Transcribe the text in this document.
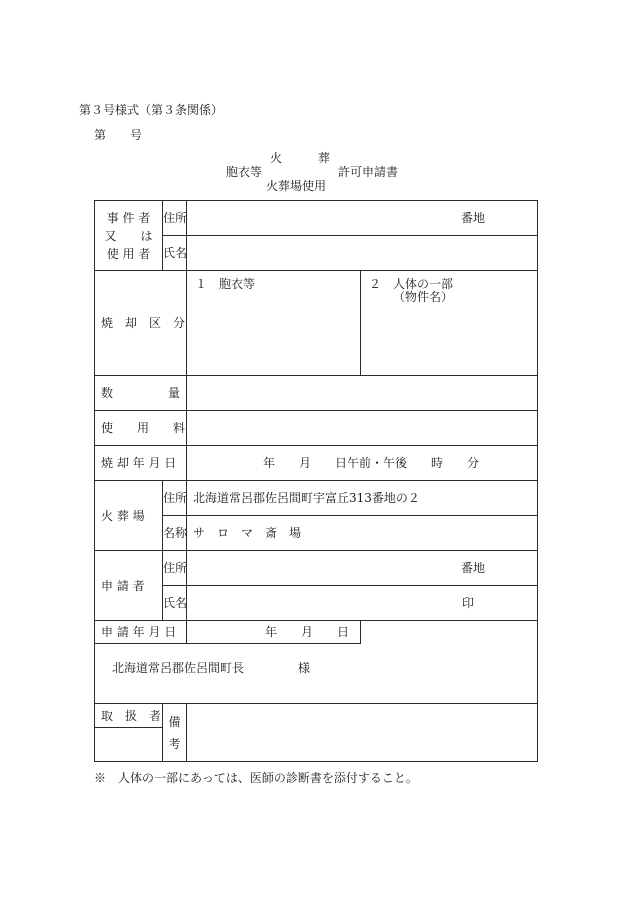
第３号様式（第３条関係）
第　　号
火　　　葬
胞衣等
火葬場使用
許可申請書
事 件 者
又　　は
使 用 者	住所	番地	

	氏名		

焼　却　区　分		１　胞衣等	２　人体の一部
（物件名）

数 量			

使　　用　　料			
焼 却 年 月 日		年　　月　　日午前・午後　　時　　分	

火 葬 場	住所	北海道常呂郡佐呂間町宇富丘313番地の２	
	名称	サ　ロ　マ　斎　場	
申 請 者	住所	番地	

	氏名	印	

申 請 年 月 日		年　　月　　日	

北海道常呂郡佐呂間町長 様			

取　扱　者	備
考		

※　人体の一部にあっては、医師の診断書を添付すること。
